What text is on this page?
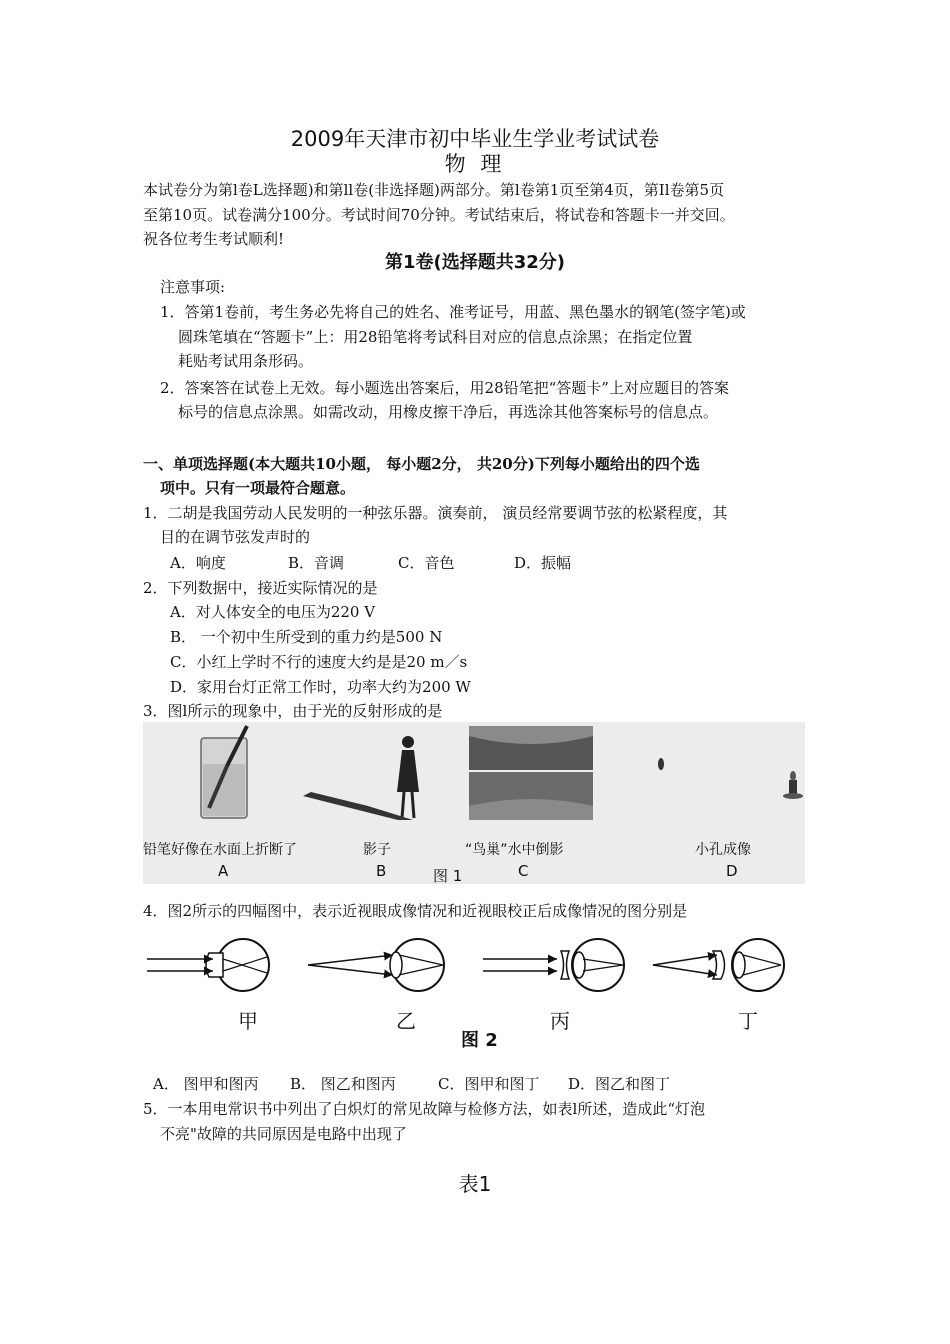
2009年天津市初中毕业生学业考试试卷
物 理
本试卷分为第l卷L选择题)和第ll卷(非选择题)两部分。第l卷第1页至第4页，第Il卷第5页
至第10页。试卷满分100分。考试时间70分钟。考试结束后，将试卷和答题卡一并交回。
祝各位考生考试顺利!
第1卷(选择题共32分)
注意事项:
1．答第1卷前，考生务必先将自己的姓名、准考证号，用蓝、黑色墨水的钢笔(签字笔)或
圆珠笔填在“答题卡”上：用28铅笔将考试科目对应的信息点涂黑；在指定位置
耗贴考试用条形码。
2．答案答在试卷上无效。每小题选出答案后，用28铅笔把“答题卡”上对应题目的答案
标号的信息点涂黑。如需改动，用橡皮擦干净后，再选涂其他答案标号的信息点。
一、单项选择题(本大题共10小题， 每小题2分， 共20分)下列每小题给出的四个选
项中。只有一项最符合题意。
1．二胡是我国劳动人民发明的一种弦乐器。演奏前， 演员经常要调节弦的松紧程度，其
目的在调节弦发声时的
A．响度	B．音调	C．音色	D．振幅
2．下列数据中，接近实际情况的是
A．对人体安全的电压为220 V
B． 一个初中生所受到的重力约是500 N
C．小红上学时不行的速度大约是是20 m／s
D．家用台灯正常工作时，功率大约为200 W
3．图l所示的现象中，由于光的反射形成的是
铅笔好像在水面上折断了	影子	“鸟巢”水中倒影	小孔成像
A	B	C	D
图 1
4．图2所示的四幅图中，表示近视眼成像情况和近视眼校正后成像情况的图分别是
甲	乙	丙	丁
图 2
A． 图甲和图丙 B． 图乙和图丙	C．图甲和图丁 D．图乙和图丁
5．一本用电常识书中列出了白炽灯的常见故障与检修方法，如表l所述，造成此“灯泡
不亮"故障的共同原因是电路中出现了
表1
